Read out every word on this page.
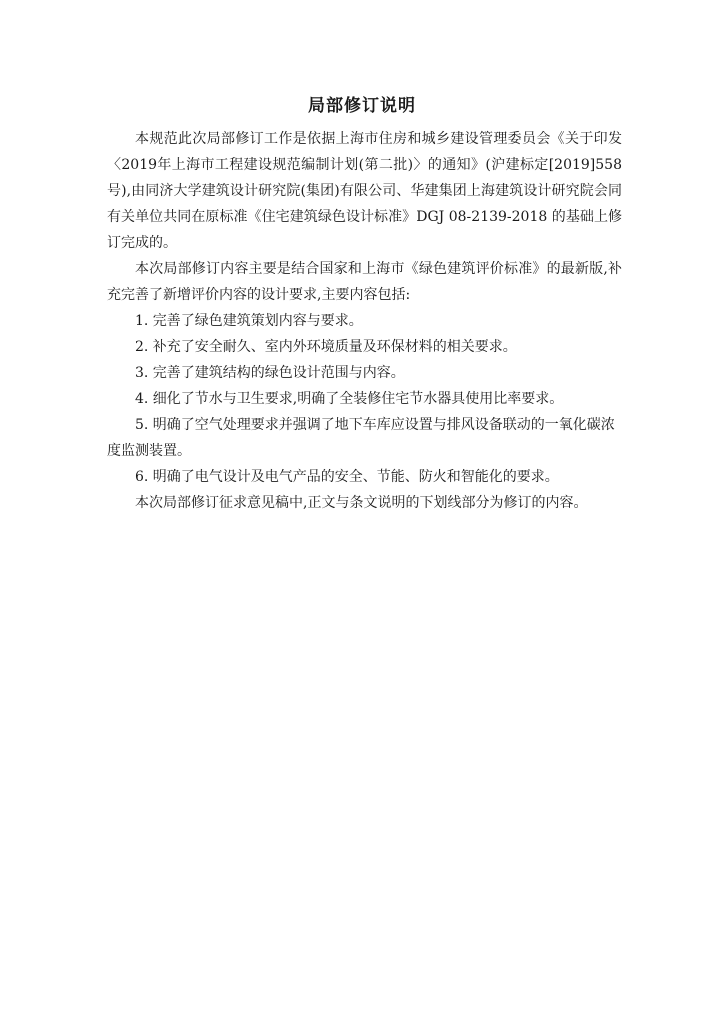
局部修订说明

本规范此次局部修订工作是依据上海市住房和城乡建设管理委员会《关于印发〈2019年上海市工程建设规范编制计划(第二批)〉的通知》(沪建标定[2019]558号),由同济大学建筑设计研究院(集团)有限公司、华建集团上海建筑设计研究院会同有关单位共同在原标准《住宅建筑绿色设计标准》DGJ 08-2139-2018 的基础上修订完成的。

本次局部修订内容主要是结合国家和上海市《绿色建筑评价标准》的最新版,补充完善了新增评价内容的设计要求,主要内容包括:

1. 完善了绿色建筑策划内容与要求。

2. 补充了安全耐久、室内外环境质量及环保材料的相关要求。

3. 完善了建筑结构的绿色设计范围与内容。

4. 细化了节水与卫生要求,明确了全装修住宅节水器具使用比率要求。

5. 明确了空气处理要求并强调了地下车库应设置与排风设备联动的一氧化碳浓度监测装置。

6. 明确了电气设计及电气产品的安全、节能、防火和智能化的要求。

本次局部修订征求意见稿中,正文与条文说明的下划线部分为修订的内容。
